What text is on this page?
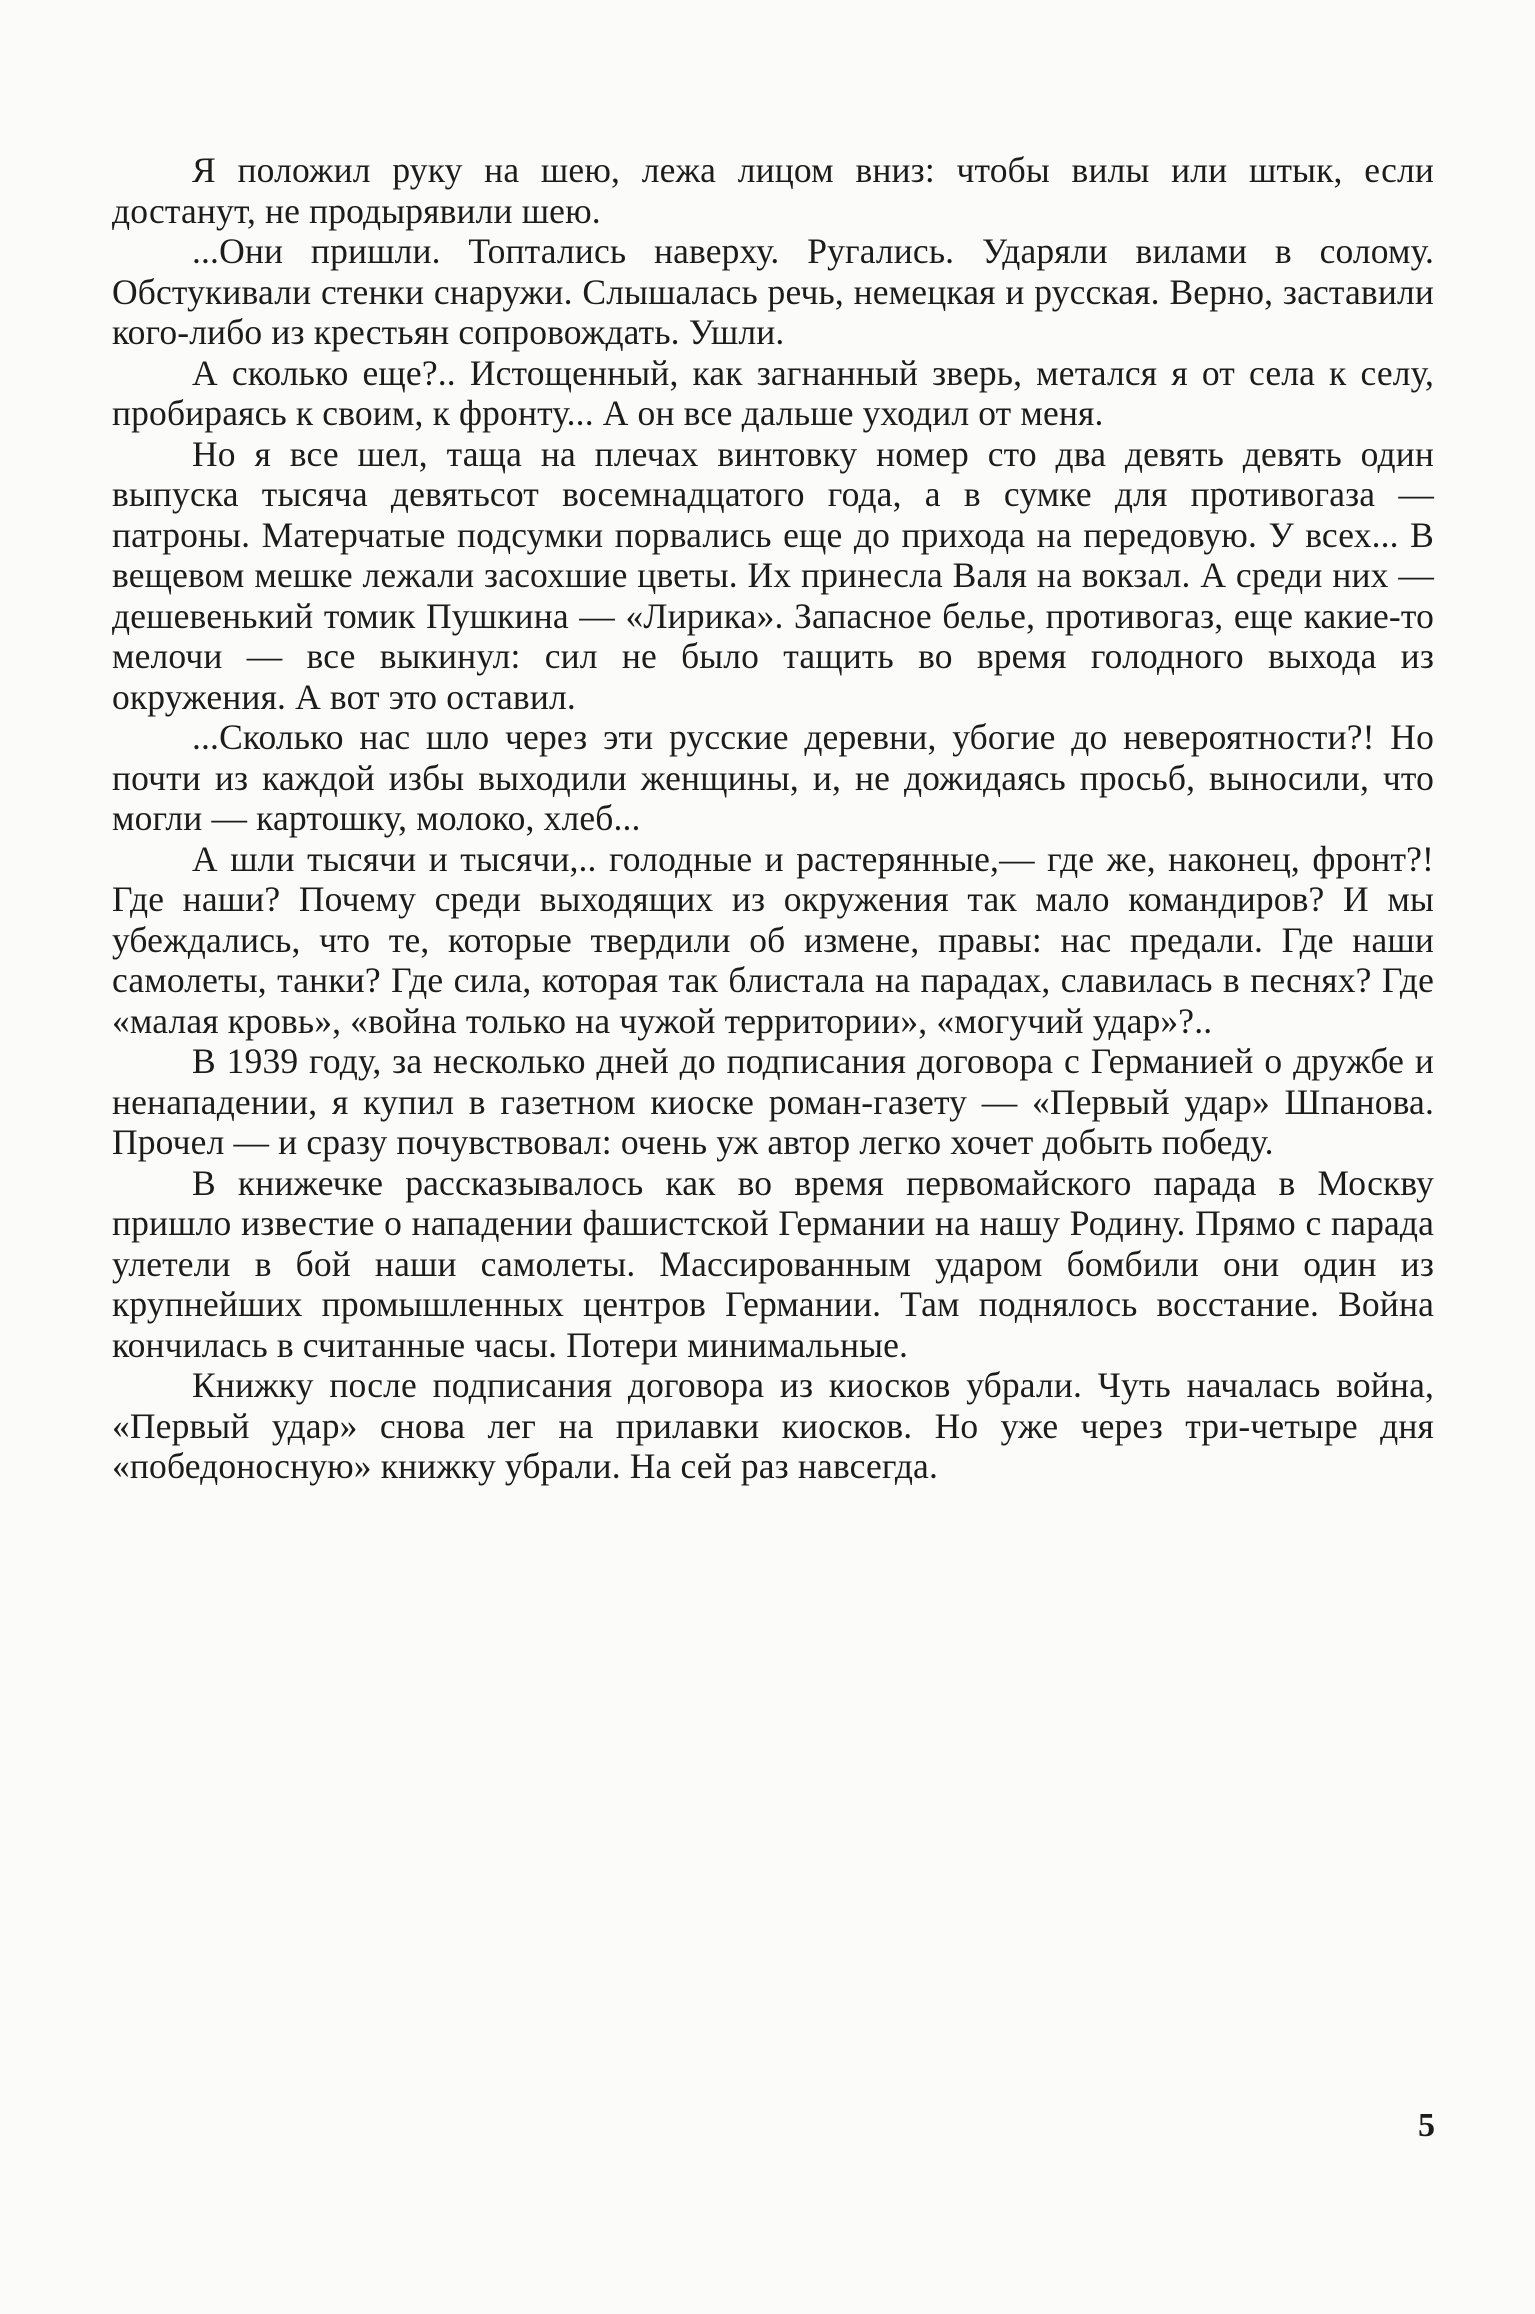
Я положил руку на шею, лежа лицом вниз: чтобы вилы или штык, если достанут, не продырявили шею.

...Они пришли. Топтались наверху. Ругались. Ударяли вилами в солому. Обстукивали стенки снаружи. Слышалась речь, немецкая и русская. Верно, заставили кого-либо из крестьян сопровождать. Ушли.

А сколько еще?.. Истощенный, как загнанный зверь, метался я от села к селу, пробираясь к своим, к фронту... А он все дальше уходил от меня.

Но я все шел, таща на плечах винтовку номер сто два девять девять один выпуска тысяча девятьсот восемнадцатого года, а в сумке для противогаза — патроны. Матерчатые подсумки порвались еще до прихода на передовую. У всех... В вещевом мешке лежали засохшие цветы. Их принесла Валя на вокзал. А среди них — дешевенький томик Пушкина — «Лирика». Запасное белье, противогаз, еще какие-то мелочи — все выкинул: сил не было тащить во время голодного выхода из окружения. А вот это оставил.

...Сколько нас шло через эти русские деревни, убогие до невероятности?! Но почти из каждой избы выходили женщины, и, не дожидаясь просьб, выносили, что могли — картошку, молоко, хлеб...

А шли тысячи и тысячи,.. голодные и растерянные,— где же, наконец, фронт?! Где наши? Почему среди выходящих из окружения так мало командиров? И мы убеждались, что те, которые твердили об измене, правы: нас предали. Где наши самолеты, танки? Где сила, которая так блистала на парадах, славилась в песнях? Где «малая кровь», «война только на чужой территории», «могучий удар»?..

В 1939 году, за несколько дней до подписания договора с Германией о дружбе и ненападении, я купил в газетном киоске роман-газету — «Первый удар» Шпанова. Прочел — и сразу почувствовал: очень уж автор легко хочет добыть победу.

В книжечке рассказывалось как во время первомайского парада в Москву пришло известие о нападении фашистской Германии на нашу Родину. Прямо с парада улетели в бой наши самолеты. Массированным ударом бомбили они один из крупнейших промышленных центров Германии. Там поднялось восстание. Война кончилась в считанные часы. Потери минимальные.

Книжку после подписания договора из киосков убрали. Чуть началась война, «Первый удар» снова лег на прилавки киосков. Но уже через три-четыре дня «победоносную» книжку убрали. На сей раз навсегда.

5
